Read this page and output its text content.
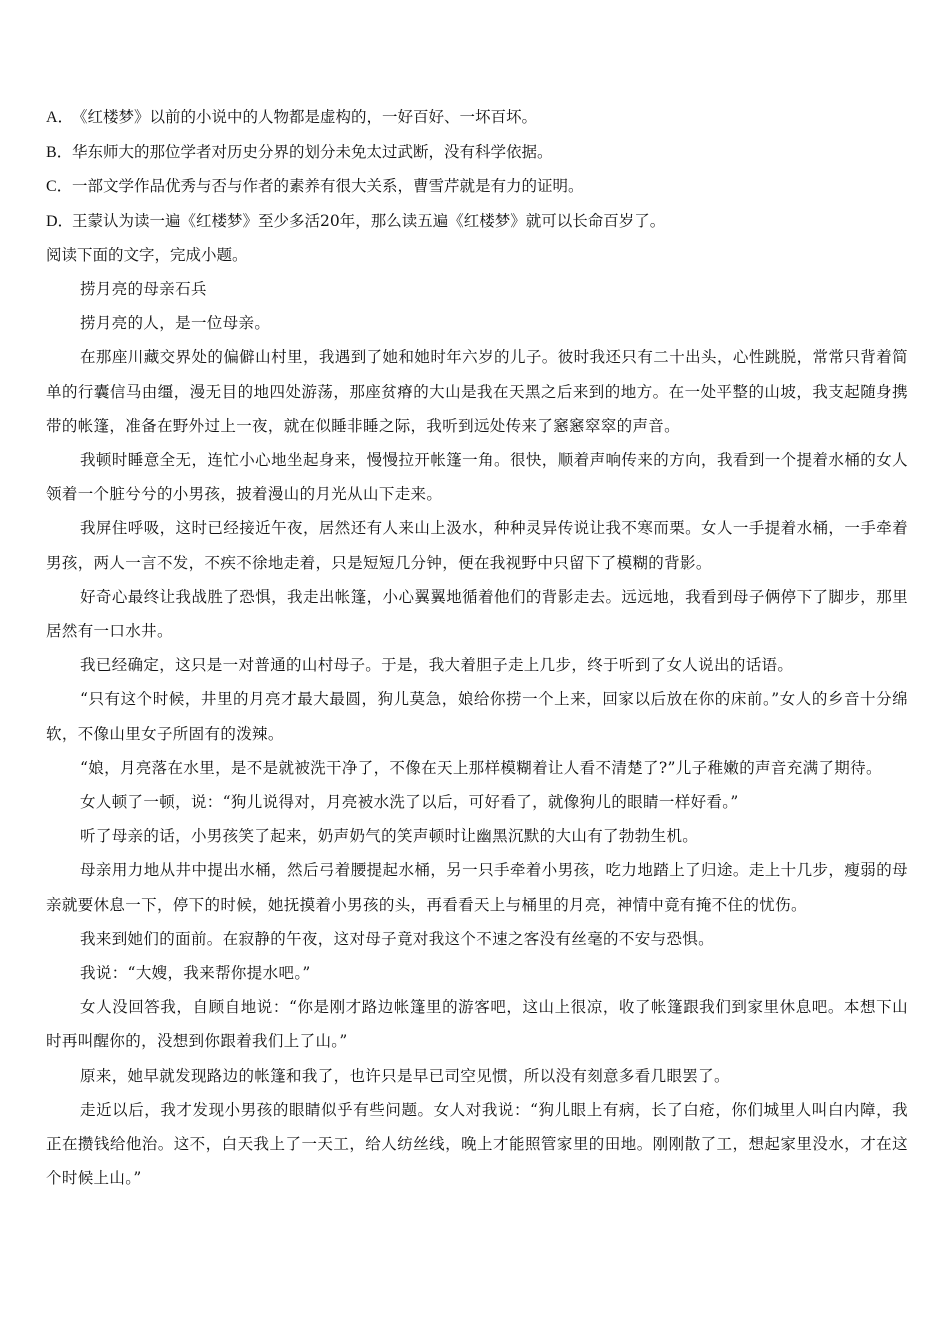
A．《红楼梦》以前的小说中的人物都是虚构的，一好百好、一坏百坏。
B．华东师大的那位学者对历史分界的划分未免太过武断，没有科学依据。
C．一部文学作品优秀与否与作者的素养有很大关系，曹雪芹就是有力的证明。
D．王蒙认为读一遍《红楼梦》至少多活20年，那么读五遍《红楼梦》就可以长命百岁了。
阅读下面的文字，完成小题。
捞月亮的母亲石兵
捞月亮的人，是一位母亲。
在那座川藏交界处的偏僻山村里，我遇到了她和她时年六岁的儿子。彼时我还只有二十出头，心性跳脱，常常只背着简单的行囊信马由缰，漫无目的地四处游荡，那座贫瘠的大山是我在天黑之后来到的地方。在一处平整的山坡，我支起随身携带的帐篷，准备在野外过上一夜，就在似睡非睡之际，我听到远处传来了窸窸窣窣的声音。
我顿时睡意全无，连忙小心地坐起身来，慢慢拉开帐篷一角。很快，顺着声响传来的方向，我看到一个提着水桶的女人领着一个脏兮兮的小男孩，披着漫山的月光从山下走来。
我屏住呼吸，这时已经接近午夜，居然还有人来山上汲水，种种灵异传说让我不寒而栗。女人一手提着水桶，一手牵着男孩，两人一言不发，不疾不徐地走着，只是短短几分钟，便在我视野中只留下了模糊的背影。
好奇心最终让我战胜了恐惧，我走出帐篷，小心翼翼地循着他们的背影走去。远远地，我看到母子俩停下了脚步，那里居然有一口水井。
我已经确定，这只是一对普通的山村母子。于是，我大着胆子走上几步，终于听到了女人说出的话语。
“只有这个时候，井里的月亮才最大最圆，狗儿莫急，娘给你捞一个上来，回家以后放在你的床前。”女人的乡音十分绵软，不像山里女子所固有的泼辣。
“娘，月亮落在水里，是不是就被洗干净了，不像在天上那样模糊着让人看不清楚了?”儿子稚嫩的声音充满了期待。
女人顿了一顿，说：“狗儿说得对，月亮被水洗了以后，可好看了，就像狗儿的眼睛一样好看。”
听了母亲的话，小男孩笑了起来，奶声奶气的笑声顿时让幽黑沉默的大山有了勃勃生机。
母亲用力地从井中提出水桶，然后弓着腰提起水桶，另一只手牵着小男孩，吃力地踏上了归途。走上十几步，瘦弱的母亲就要休息一下，停下的时候，她抚摸着小男孩的头，再看看天上与桶里的月亮，神情中竟有掩不住的忧伤。
我来到她们的面前。在寂静的午夜，这对母子竟对我这个不速之客没有丝毫的不安与恐惧。
我说：“大嫂，我来帮你提水吧。”
女人没回答我，自顾自地说：“你是刚才路边帐篷里的游客吧，这山上很凉，收了帐篷跟我们到家里休息吧。本想下山时再叫醒你的，没想到你跟着我们上了山。”
原来，她早就发现路边的帐篷和我了，也许只是早已司空见惯，所以没有刻意多看几眼罢了。
走近以后，我才发现小男孩的眼睛似乎有些问题。女人对我说：“狗儿眼上有病，长了白疮，你们城里人叫白内障，我正在攒钱给他治。这不，白天我上了一天工，给人纺丝线，晚上才能照管家里的田地。刚刚散了工，想起家里没水，才在这个时候上山。”
